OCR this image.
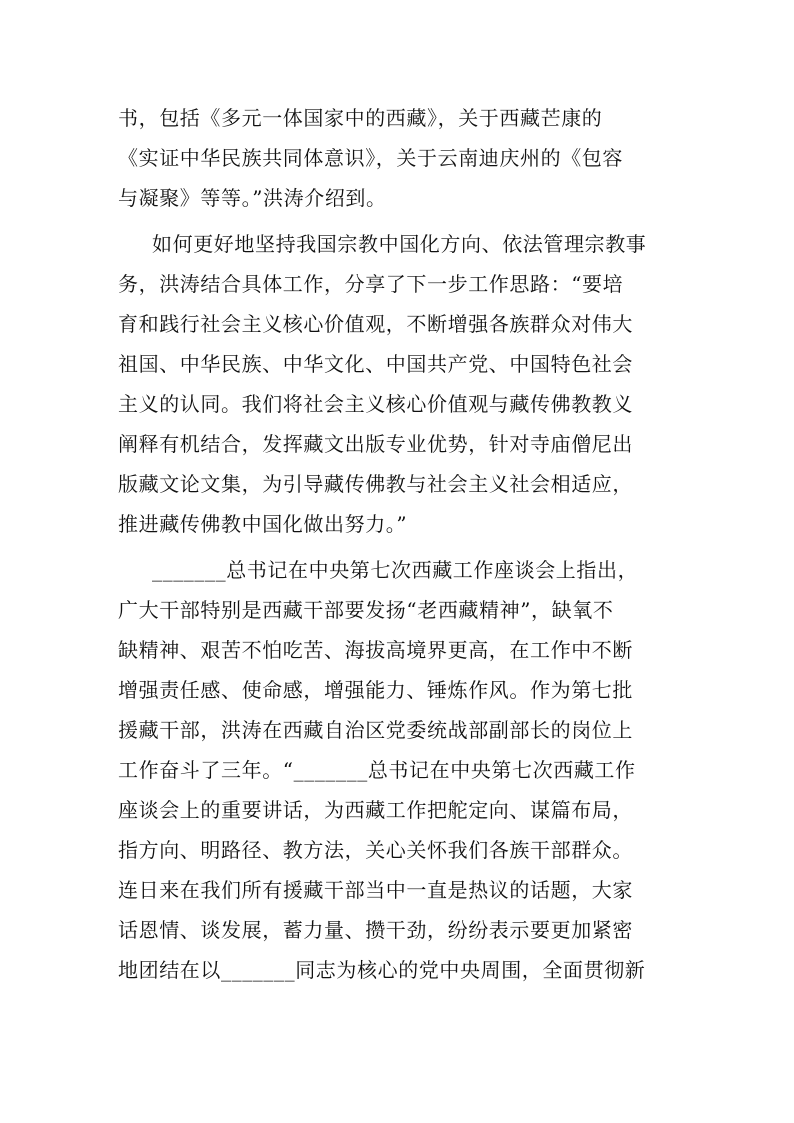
书，包括《多元一体国家中的西藏》，关于西藏芒康的
《实证中华民族共同体意识》，关于云南迪庆州的《包容
与凝聚》等等。”洪涛介绍到。
如何更好地坚持我国宗教中国化方向、依法管理宗教事
务，洪涛结合具体工作，分享了下一步工作思路：“要培
育和践行社会主义核心价值观，不断增强各族群众对伟大
祖国、中华民族、中华文化、中国共产党、中国特色社会
主义的认同。我们将社会主义核心价值观与藏传佛教教义
阐释有机结合，发挥藏文出版专业优势，针对寺庙僧尼出
版藏文论文集，为引导藏传佛教与社会主义社会相适应，
推进藏传佛教中国化做出努力。”
_______总书记在中央第七次西藏工作座谈会上指出，
广大干部特别是西藏干部要发扬“老西藏精神”，缺氧不
缺精神、艰苦不怕吃苦、海拔高境界更高，在工作中不断
增强责任感、使命感，增强能力、锤炼作风。作为第七批
援藏干部，洪涛在西藏自治区党委统战部副部长的岗位上
工作奋斗了三年。“_______总书记在中央第七次西藏工作
座谈会上的重要讲话，为西藏工作把舵定向、谋篇布局，
指方向、明路径、教方法，关心关怀我们各族干部群众。
连日来在我们所有援藏干部当中一直是热议的话题，大家
话恩情、谈发展，蓄力量、攒干劲，纷纷表示要更加紧密
地团结在以_______同志为核心的党中央周围，全面贯彻新
